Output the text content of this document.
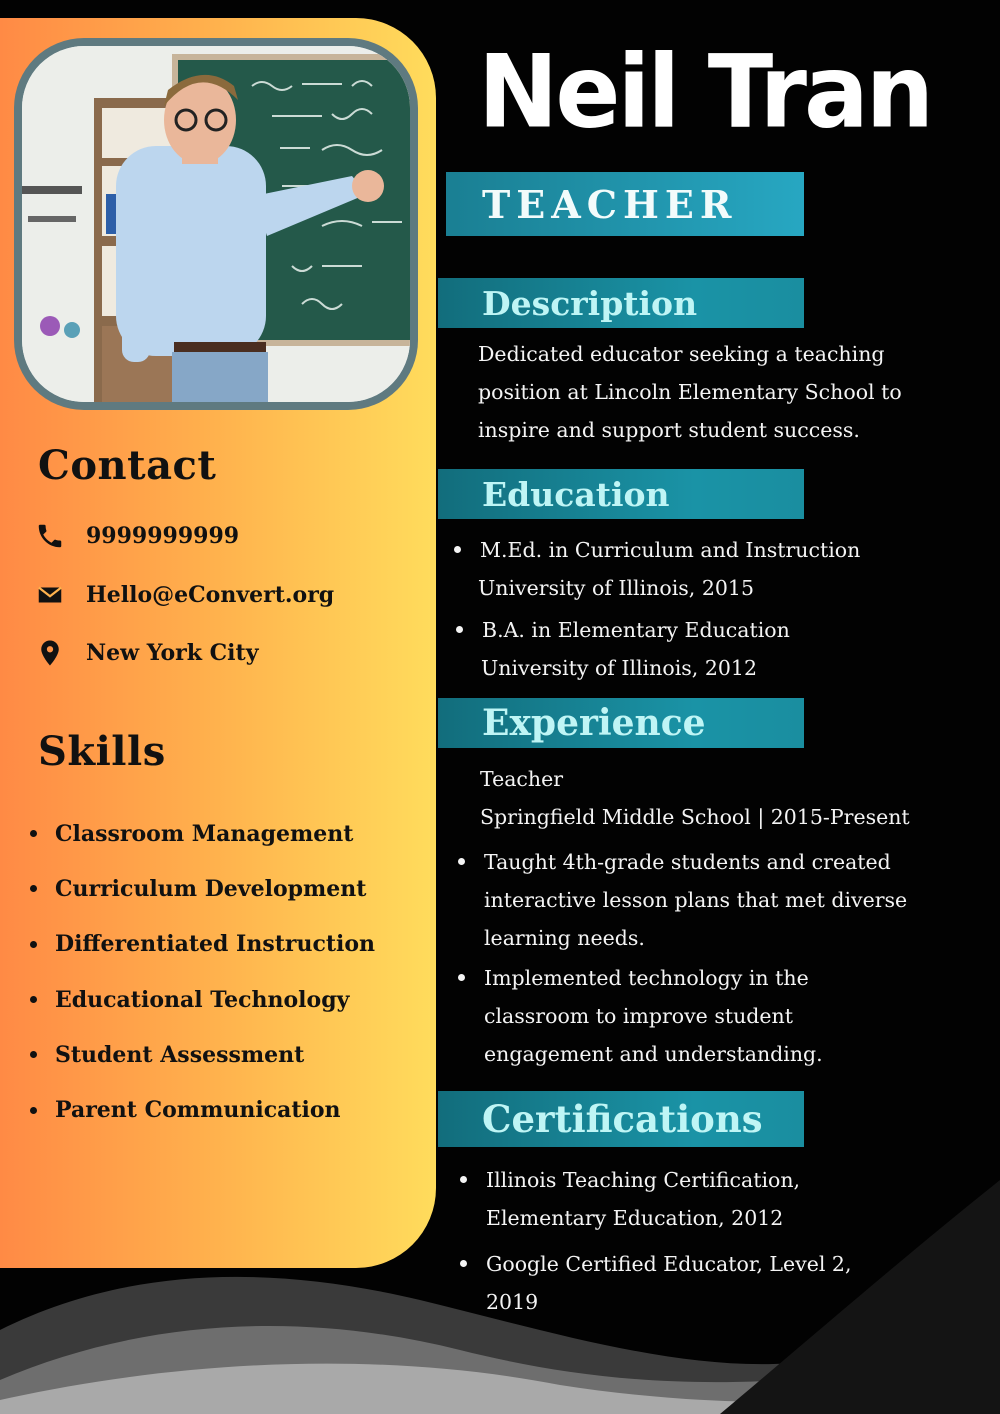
Contact
9999999999
Hello@eConvert.org
New York City
Skills
Classroom Management
Curriculum Development
Differentiated Instruction
Educational Technology
Student Assessment
Parent Communication
Neil Tran
TEACHER
Description
Dedicated educator seeking a teaching
position at Lincoln Elementary School to
inspire and support student success.
Education
M.Ed. in Curriculum and Instruction
University of Illinois, 2015
B.A. in Elementary Education
University of Illinois, 2012
Experience
Teacher
Springfield Middle School | 2015-Present
Taught 4th-grade students and created
interactive lesson plans that met diverse
learning needs.
Implemented technology in the
classroom to improve student
engagement and understanding.
Certifications
Illinois Teaching Certification,
Elementary Education, 2012
Google Certified Educator, Level 2,
2019
